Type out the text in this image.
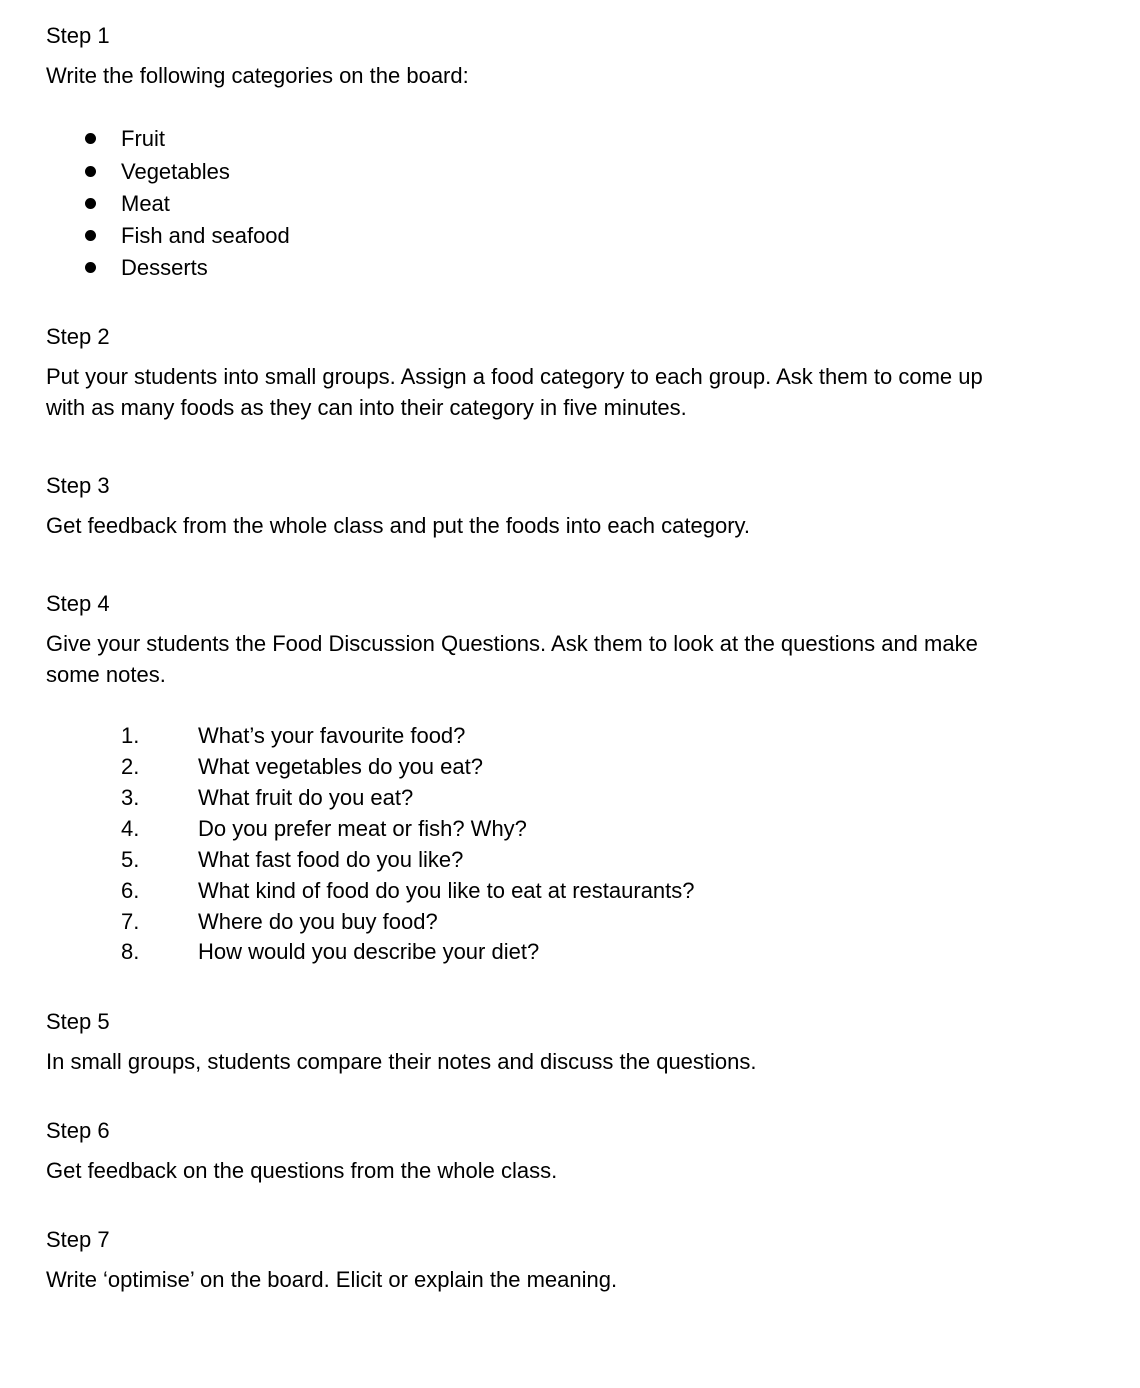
Step 1
Write the following categories on the board:
Fruit
Vegetables
Meat
Fish and seafood
Desserts
Step 2
Put your students into small groups. Assign a food category to each group. Ask them to come up with as many foods as they can into their category in five minutes.
Step 3
Get feedback from the whole class and put the foods into each category.
Step 4
Give your students the Food Discussion Questions. Ask them to look at the questions and make some notes.
1.	What’s your favourite food?
2.	What vegetables do you eat?
3.	What fruit do you eat?
4.	Do you prefer meat or fish? Why?
5.	What fast food do you like?
6.	What kind of food do you like to eat at restaurants?
7.	Where do you buy food?
8.	How would you describe your diet?
Step 5
In small groups, students compare their notes and discuss the questions.
Step 6
Get feedback on the questions from the whole class.
Step 7
Write ‘optimise’ on the board. Elicit or explain the meaning.
